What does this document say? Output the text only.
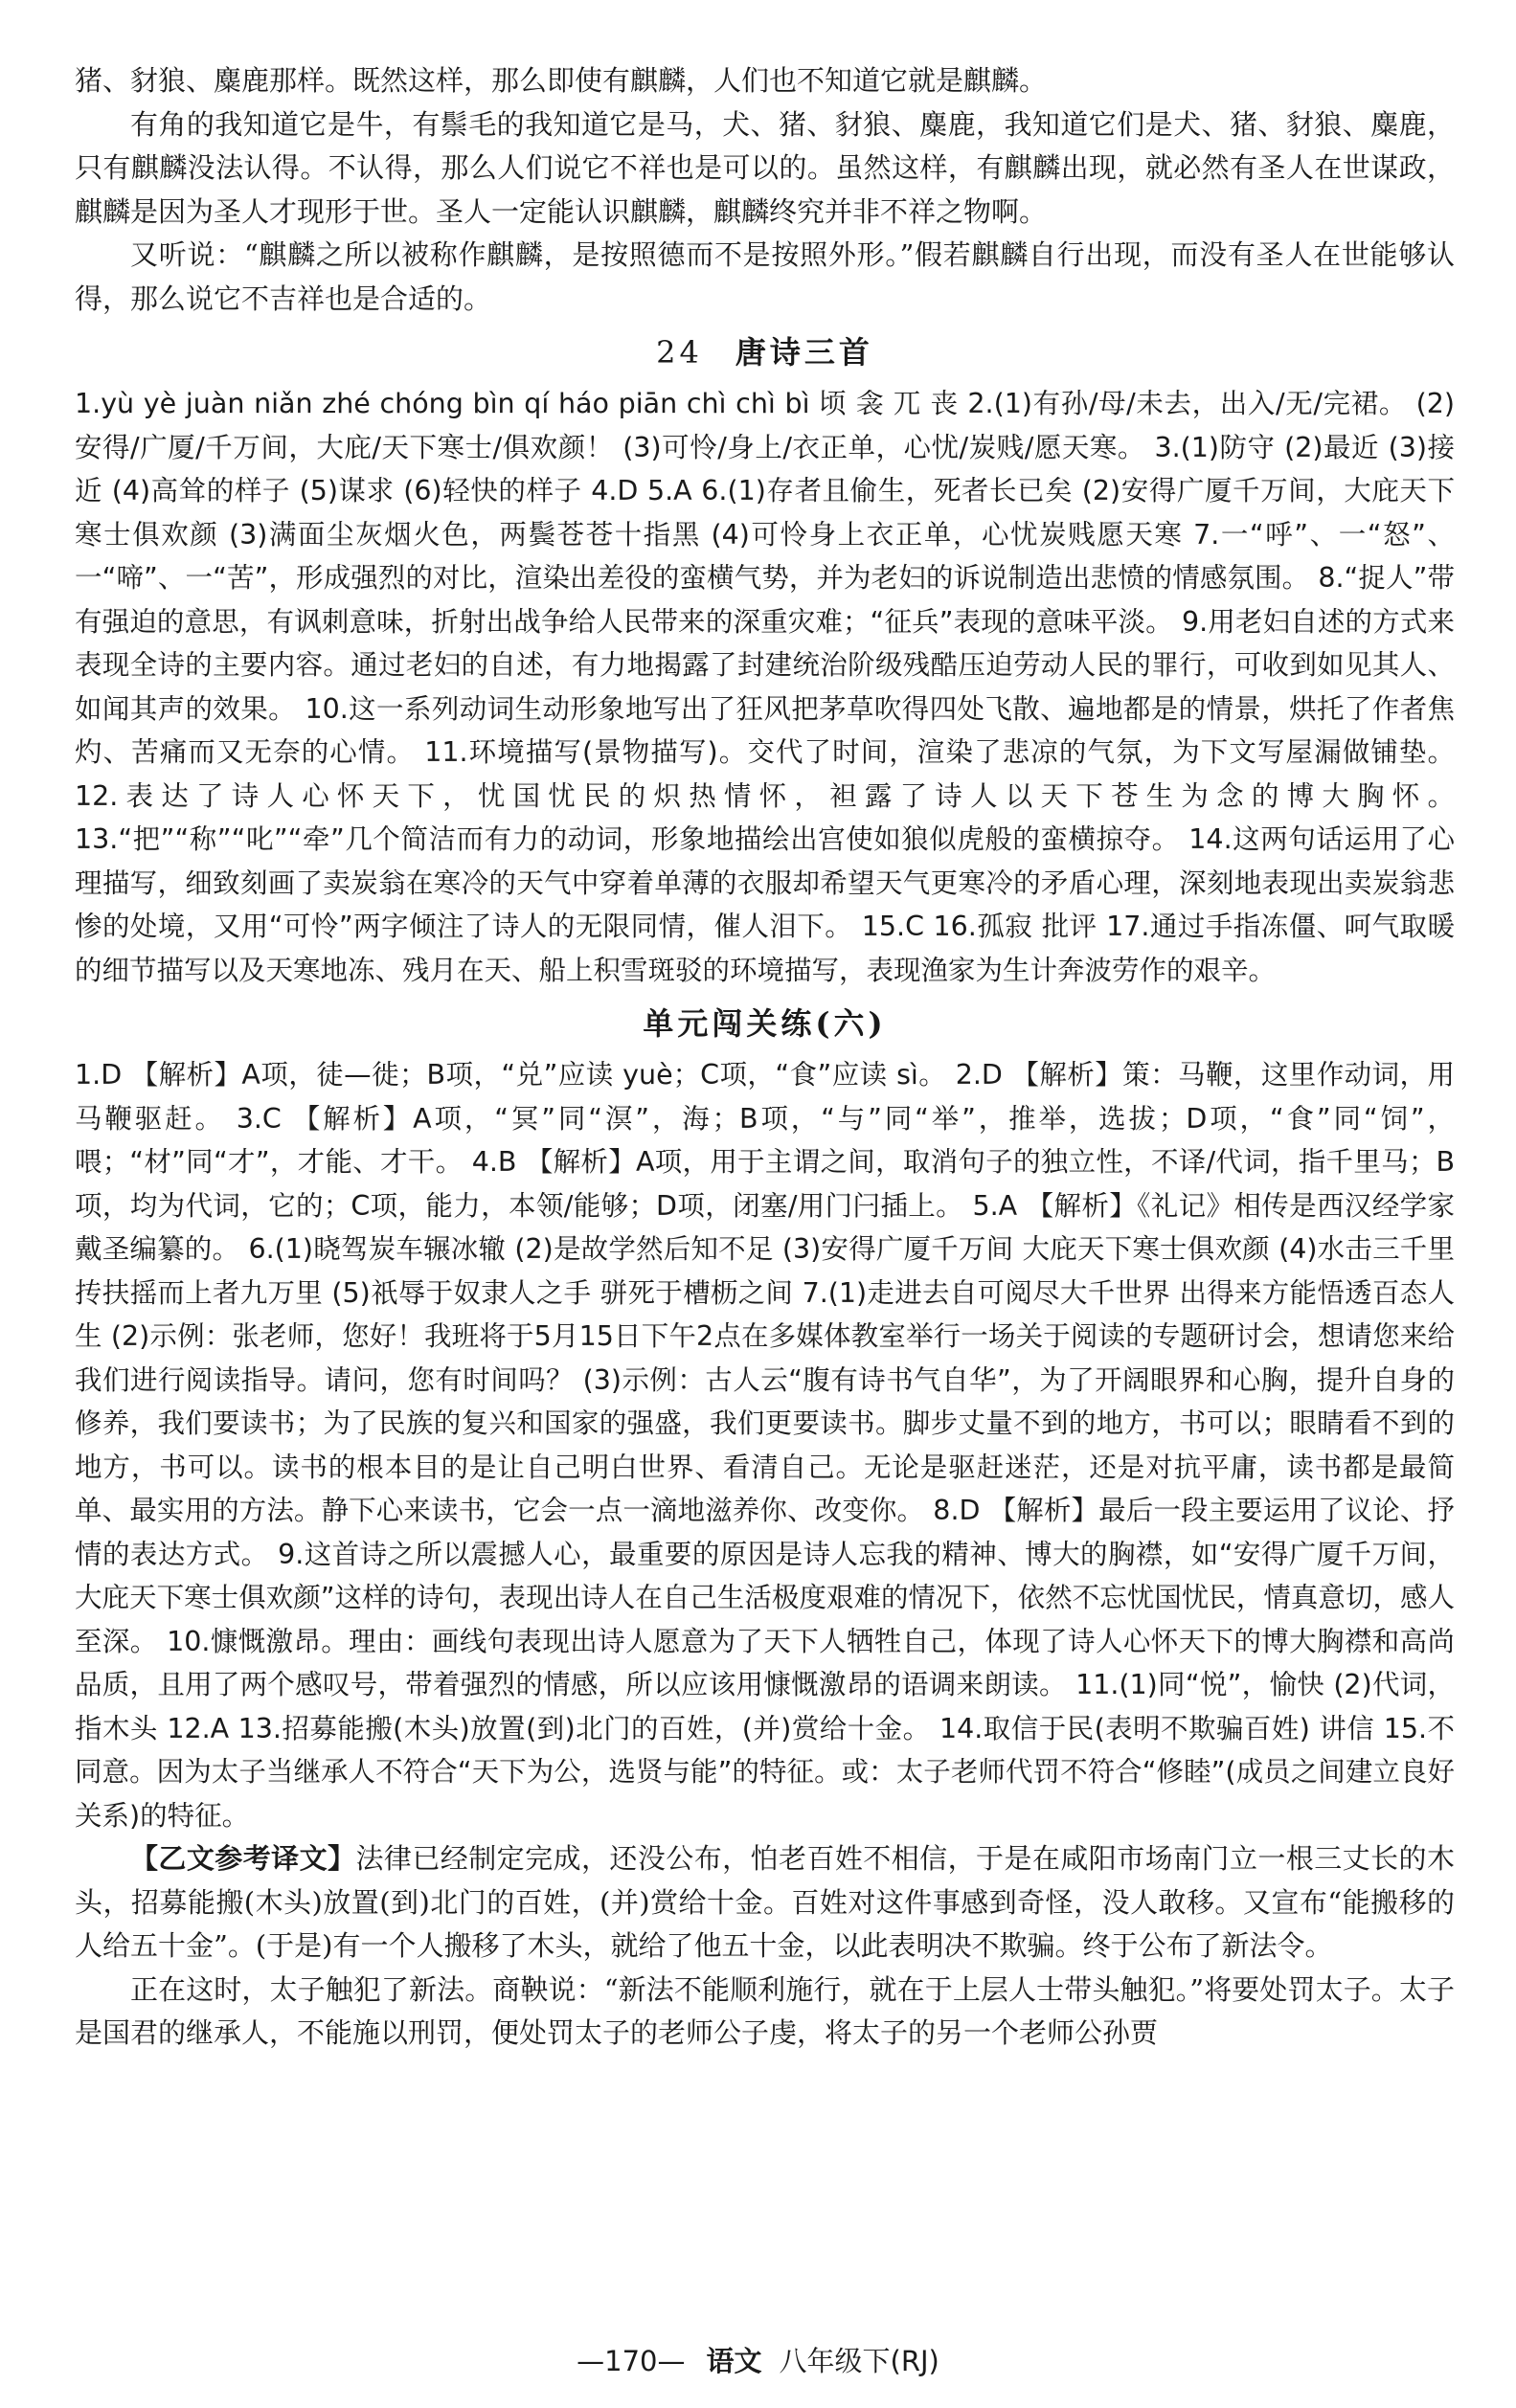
猪、豺狼、麋鹿那样。既然这样，那么即使有麒麟，人们也不知道它就是麒麟。

有角的我知道它是牛，有鬃毛的我知道它是马，犬、猪、豺狼、麋鹿，我知道它们是犬、猪、豺狼、麋鹿，只有麒麟没法认得。不认得，那么人们说它不祥也是可以的。虽然这样，有麒麟出现，就必然有圣人在世谋政，麒麟是因为圣人才现形于世。圣人一定能认识麒麟，麒麟终究并非不祥之物啊。

又听说：“麒麟之所以被称作麒麟，是按照德而不是按照外形。”假若麒麟自行出现，而没有圣人在世能够认得，那么说它不吉祥也是合适的。

24 唐诗三首

1.yù yè juàn niǎn zhé chóng bìn qí háo piān chì chì bì 顷 衾 兀 丧 2.(1)有孙/母/未去，出入/无/完裙。 (2)安得/广厦/千万间，大庇/天下寒士/俱欢颜！ (3)可怜/身上/衣正单，心忧/炭贱/愿天寒。 3.(1)防守 (2)最近 (3)接近 (4)高耸的样子 (5)谋求 (6)轻快的样子 4.D 5.A 6.(1)存者且偷生，死者长已矣 (2)安得广厦千万间，大庇天下寒士俱欢颜 (3)满面尘灰烟火色，两鬓苍苍十指黑 (4)可怜身上衣正单，心忧炭贱愿天寒 7.一“呼”、一“怒”、一“啼”、一“苦”，形成强烈的对比，渲染出差役的蛮横气势，并为老妇的诉说制造出悲愤的情感氛围。 8.“捉人”带有强迫的意思，有讽刺意味，折射出战争给人民带来的深重灾难；“征兵”表现的意味平淡。 9.用老妇自述的方式来表现全诗的主要内容。通过老妇的自述，有力地揭露了封建统治阶级残酷压迫劳动人民的罪行，可收到如见其人、如闻其声的效果。 10.这一系列动词生动形象地写出了狂风把茅草吹得四处飞散、遍地都是的情景，烘托了作者焦灼、苦痛而又无奈的心情。 11.环境描写(景物描写)。交代了时间，渲染了悲凉的气氛，为下文写屋漏做铺垫。 12.表达了诗人心怀天下，忧国忧民的炽热情怀，袒露了诗人以天下苍生为念的博大胸怀。 13.“把”“称”“叱”“牵”几个简洁而有力的动词，形象地描绘出宫使如狼似虎般的蛮横掠夺。 14.这两句话运用了心理描写，细致刻画了卖炭翁在寒冷的天气中穿着单薄的衣服却希望天气更寒冷的矛盾心理，深刻地表现出卖炭翁悲惨的处境，又用“可怜”两字倾注了诗人的无限同情，催人泪下。 15.C 16.孤寂 批评 17.通过手指冻僵、呵气取暖的细节描写以及天寒地冻、残月在天、船上积雪斑驳的环境描写，表现渔家为生计奔波劳作的艰辛。

单元闯关练(六)

1.D 【解析】A项，徒—徙；B项，“兑”应读 yuè；C项，“食”应读 sì。 2.D 【解析】策：马鞭，这里作动词，用马鞭驱赶。 3.C 【解析】A项，“冥”同“溟”，海；B项，“与”同“举”，推举，选拔；D项，“食”同“饲”，喂；“材”同“才”，才能、才干。 4.B 【解析】A项，用于主谓之间，取消句子的独立性，不译/代词，指千里马；B项，均为代词，它的；C项，能力，本领/能够；D项，闭塞/用门闩插上。 5.A 【解析】《礼记》相传是西汉经学家戴圣编纂的。 6.(1)晓驾炭车辗冰辙 (2)是故学然后知不足 (3)安得广厦千万间 大庇天下寒士俱欢颜 (4)水击三千里 抟扶摇而上者九万里 (5)祇辱于奴隶人之手 骈死于槽枥之间 7.(1)走进去自可阅尽大千世界 出得来方能悟透百态人生 (2)示例：张老师，您好！我班将于5月15日下午2点在多媒体教室举行一场关于阅读的专题研讨会，想请您来给我们进行阅读指导。请问，您有时间吗？ (3)示例：古人云“腹有诗书气自华”，为了开阔眼界和心胸，提升自身的修养，我们要读书；为了民族的复兴和国家的强盛，我们更要读书。脚步丈量不到的地方，书可以；眼睛看不到的地方，书可以。读书的根本目的是让自己明白世界、看清自己。无论是驱赶迷茫，还是对抗平庸，读书都是最简单、最实用的方法。静下心来读书，它会一点一滴地滋养你、改变你。 8.D 【解析】最后一段主要运用了议论、抒情的表达方式。 9.这首诗之所以震撼人心，最重要的原因是诗人忘我的精神、博大的胸襟，如“安得广厦千万间，大庇天下寒士俱欢颜”这样的诗句，表现出诗人在自己生活极度艰难的情况下，依然不忘忧国忧民，情真意切，感人至深。 10.慷慨激昂。理由：画线句表现出诗人愿意为了天下人牺牲自己，体现了诗人心怀天下的博大胸襟和高尚品质，且用了两个感叹号，带着强烈的情感，所以应该用慷慨激昂的语调来朗读。 11.(1)同“悦”，愉快 (2)代词，指木头 12.A 13.招募能搬(木头)放置(到)北门的百姓，(并)赏给十金。 14.取信于民(表明不欺骗百姓) 讲信 15.不同意。因为太子当继承人不符合“天下为公，选贤与能”的特征。或：太子老师代罚不符合“修睦”(成员之间建立良好关系)的特征。

【乙文参考译文】法律已经制定完成，还没公布，怕老百姓不相信，于是在咸阳市场南门立一根三丈长的木头，招募能搬(木头)放置(到)北门的百姓，(并)赏给十金。百姓对这件事感到奇怪，没人敢移。又宣布“能搬移的人给五十金”。(于是)有一个人搬移了木头，就给了他五十金，以此表明决不欺骗。终于公布了新法令。

正在这时，太子触犯了新法。商鞅说：“新法不能顺利施行，就在于上层人士带头触犯。”将要处罚太子。太子是国君的继承人，不能施以刑罚，便处罚太子的老师公子虔，将太子的另一个老师公孙贾

—170— 语文 八年级下(RJ)
